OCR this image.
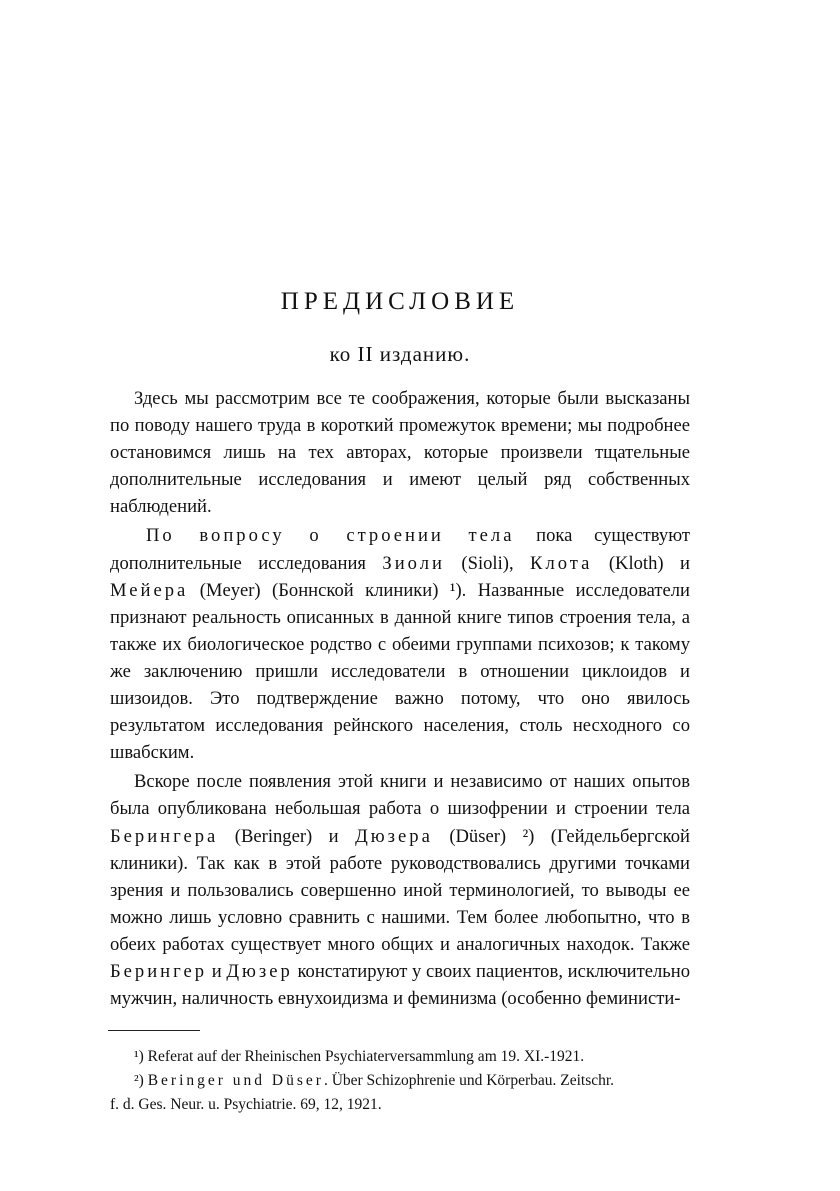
ПРЕДИСЛОВИЕ
ко II изданию.

Здесь мы рассмотрим все те соображения, которые были высказаны по поводу нашего труда в короткий промежуток времени; мы подробнее остановимся лишь на тех авторах, которые произвели тщательные дополнительные исследования и имеют целый ряд собственных наблюдений.

По вопросу о строении тела пока существуют дополнительные исследования Зиоли (Sioli), Клота (Kloth) и Мейера (Meyer) (Боннской клиники) ¹). Названные исследователи признают реальность описанных в данной книге типов строения тела, а также их биологическое родство с обеими группами психозов; к такому же заключению пришли исследователи в отношении циклоидов и шизоидов. Это подтверждение важно потому, что оно явилось результатом исследования рейнского населения, столь несходного со швабским.

Вскоре после появления этой книги и независимо от наших опытов была опубликована небольшая работа о шизофрении и строении тела Берингера (Beringer) и Дюзера (Düser) ²) (Гейдельбергской клиники). Так как в этой работе руководствовались другими точками зрения и пользовались совершенно иной терминологией, то выводы ее можно лишь условно сравнить с нашими. Тем более любопытно, что в обеих работах существует много общих и аналогичных находок. Также Берингер и Дюзер констатируют у своих пациентов, исключительно мужчин, наличность евнухоидизма и феминизма (особенно феминисти-

¹) Referat auf der Rheinischen Psychiaterversammlung am 19. XI.-1921.

²) Beringer und Düser. Über Schizophrenie und Körperbau. Zeitschr.

f. d. Ges. Neur. u. Psychiatrie. 69, 12, 1921.
